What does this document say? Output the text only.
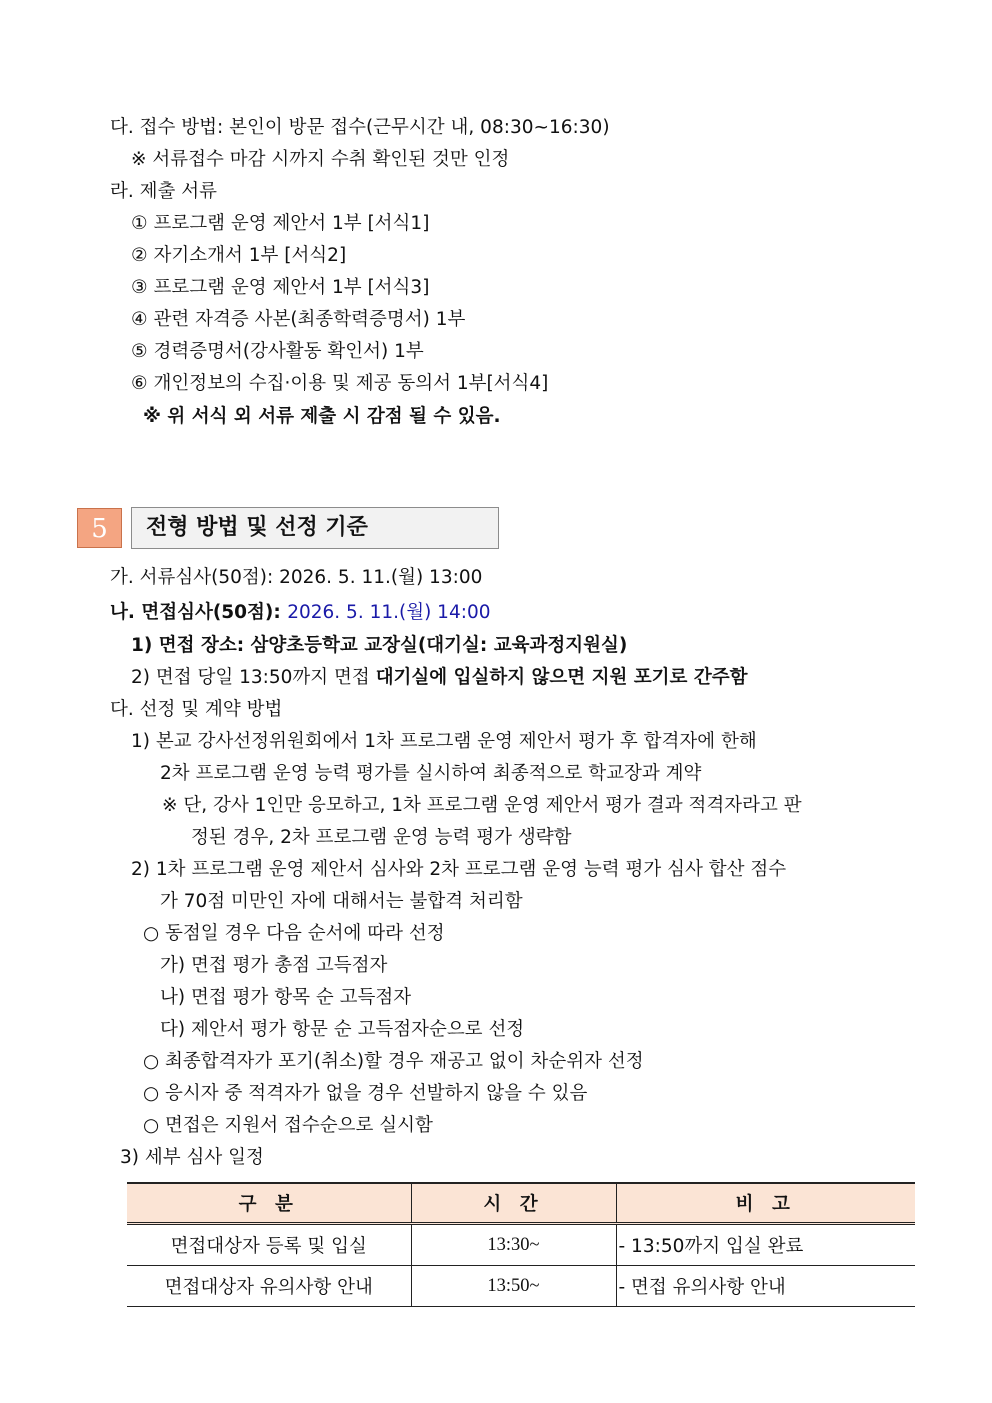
다. 접수 방법: 본인이 방문 접수(근무시간 내, 08:30~16:30)
※ 서류접수 마감 시까지 수취 확인된 것만 인정
라. 제출 서류
① 프로그램 운영 제안서 1부 [서식1]
② 자기소개서 1부 [서식2]
③ 프로그램 운영 제안서 1부 [서식3]
④ 관련 자격증 사본(최종학력증명서) 1부
⑤ 경력증명서(강사활동 확인서) 1부
⑥ 개인정보의 수집·이용 및 제공 동의서 1부[서식4]
※ 위 서식 외 서류 제출 시 감점 될 수 있음.
5	전형 방법 및 선정 기준
가. 서류심사(50점): 2026. 5. 11.(월) 13:00
나. 면접심사(50점): 2026. 5. 11.(월) 14:00
1) 면접 장소: 삼양초등학교 교장실(대기실: 교육과정지원실)
2) 면접 당일 13:50까지 면접 대기실에 입실하지 않으면 지원 포기로 간주함
다. 선정 및 계약 방법
1) 본교 강사선정위원회에서 1차 프로그램 운영 제안서 평가 후 합격자에 한해
2차 프로그램 운영 능력 평가를 실시하여 최종적으로 학교장과 계약
※ 단, 강사 1인만 응모하고, 1차 프로그램 운영 제안서 평가 결과 적격자라고 판
정된 경우, 2차 프로그램 운영 능력 평가 생략함
2) 1차 프로그램 운영 제안서 심사와 2차 프로그램 운영 능력 평가 심사 합산 점수
가 70점 미만인 자에 대해서는 불합격 처리함
○ 동점일 경우 다음 순서에 따라 선정
가) 면접 평가 총점 고득점자
나) 면접 평가 항목 순 고득점자
다) 제안서 평가 항문 순 고득점자순으로 선정
○ 최종합격자가 포기(취소)할 경우 재공고 없이 차순위자 선정
○ 응시자 중 적격자가 없을 경우 선발하지 않을 수 있음
○ 면접은 지원서 접수순으로 실시함
3) 세부 심사 일정
구 분	시 간	비 고
면접대상자 등록 및 입실	13:30~	- 13:50까지 입실 완료
면접대상자 유의사항 안내	13:50~	- 면접 유의사항 안내
